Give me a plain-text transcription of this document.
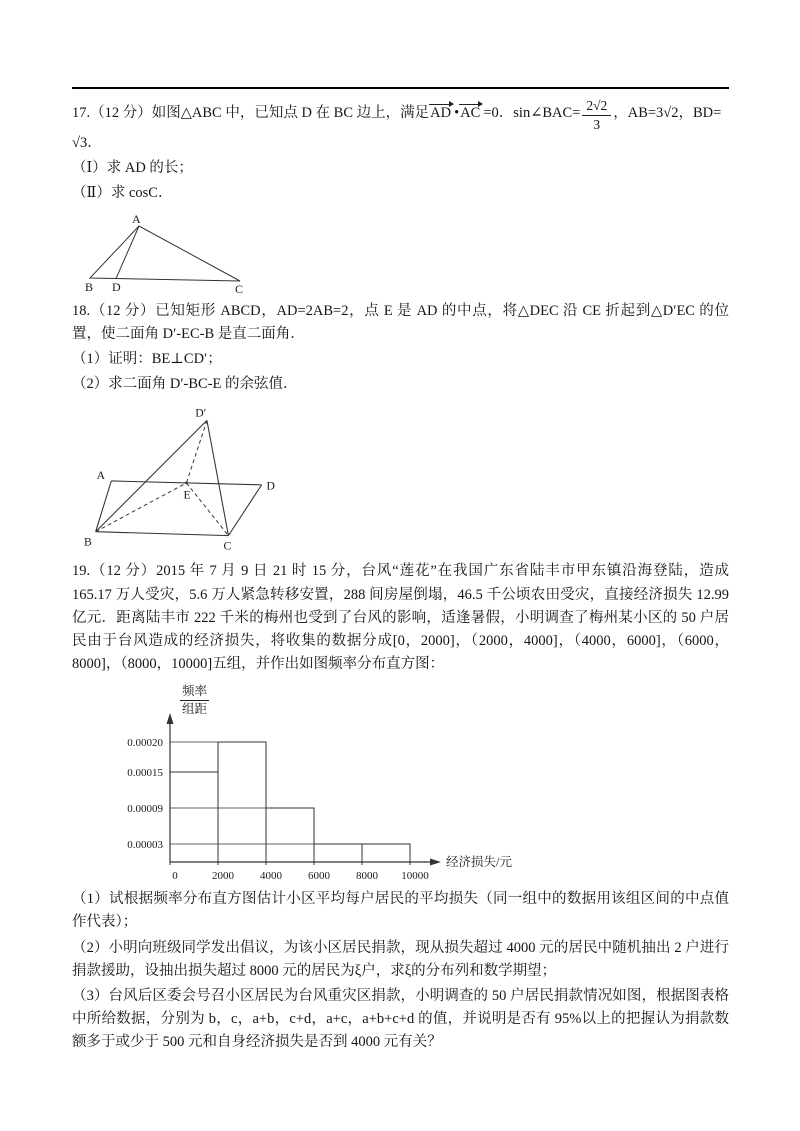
17.（12 分）如图△ABC 中，已知点 D 在 BC 边上，满足AD •AC =0．sin∠BAC= $\frac{2√2}{3}$ ，AB=3√2，BD=

√3．

（Ⅰ）求 AD 的长；

（Ⅱ）求 cosC．

A
B D	C

18.（12 分）已知矩形 ABCD，AD=2AB=2，点 E 是 AD 的中点，将△DEC 沿 CE 折起到△D′EC 的位置，使二面角 D′-EC-B 是直二面角．

（1）证明：BE⊥CD′；

（2）求二面角 D′-BC-E 的余弦值．

D′
A
D
E
B	C

19.（12 分）2015 年 7 月 9 日 21 时 15 分，台风“莲花”在我国广东省陆丰市甲东镇沿海登陆，造成 165.17 万人受灾，5.6 万人紧急转移安置，288 间房屋倒塌，46.5 千公顷农田受灾，直接经济损失 12.99 亿元．距离陆丰市 222 千米的梅州也受到了台风的影响，适逢暑假，小明调查了梅州某小区的 50 户居民由于台风造成的经济损失，将收集的数据分成[0，2000]，（2000，4000]，（4000，6000]，（6000，8000]，（8000，10000]五组，并作出如图频率分布直方图：

频率
组距
0.00003
0.00009
0.00015
0.00020
0	2000 4000 6000 8000 10000
经济损失/元

（1）试根据频率分布直方图估计小区平均每户居民的平均损失（同一组中的数据用该组区间的中点值作代表）；

（2）小明向班级同学发出倡议，为该小区居民捐款，现从损失超过 4000 元的居民中随机抽出 2 户进行捐款援助，设抽出损失超过 8000 元的居民为ξ户，求ξ的分布列和数学期望；

（3）台风后区委会号召小区居民为台风重灾区捐款，小明调查的 50 户居民捐款情况如图，根据图表格中所给数据，分别为 b，c，a+b，c+d，a+c，a+b+c+d 的值，并说明是否有 95%以上的把握认为捐款数额多于或少于 500 元和自身经济损失是否到 4000 元有关？
